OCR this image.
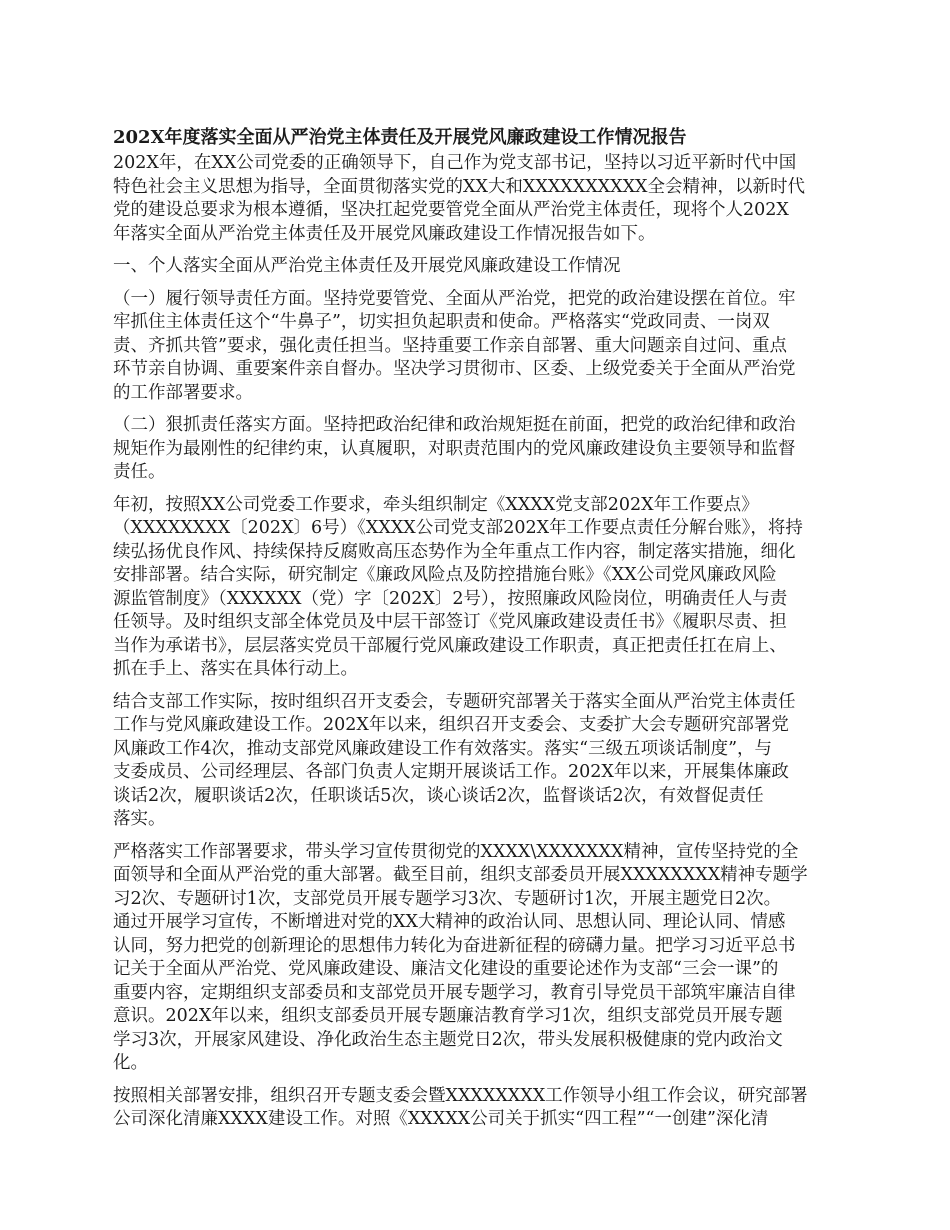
202X年度落实全面从严治党主体责任及开展党风廉政建设工作情况报告
202X年，在XX公司党委的正确领导下，自己作为党支部书记，坚持以习近平新时代中国
特色社会主义思想为指导，全面贯彻落实党的XX大和XXXXXXXXXX全会精神，以新时代
党的建设总要求为根本遵循，坚决扛起党要管党全面从严治党主体责任，现将个人202X
年落实全面从严治党主体责任及开展党风廉政建设工作情况报告如下。
一、个人落实全面从严治党主体责任及开展党风廉政建设工作情况
（一）履行领导责任方面。坚持党要管党、全面从严治党，把党的政治建设摆在首位。牢
牢抓住主体责任这个“牛鼻子”，切实担负起职责和使命。严格落实“党政同责、一岗双
责、齐抓共管”要求，强化责任担当。坚持重要工作亲自部署、重大问题亲自过问、重点
环节亲自协调、重要案件亲自督办。坚决学习贯彻市、区委、上级党委关于全面从严治党
的工作部署要求。
（二）狠抓责任落实方面。坚持把政治纪律和政治规矩挺在前面，把党的政治纪律和政治
规矩作为最刚性的纪律约束，认真履职，对职责范围内的党风廉政建设负主要领导和监督
责任。
年初，按照XX公司党委工作要求，牵头组织制定《XXXX党支部202X年工作要点》
（XXXXXXXX〔202X〕6号）《XXXX公司党支部202X年工作要点责任分解台账》，将持
续弘扬优良作风、持续保持反腐败高压态势作为全年重点工作内容，制定落实措施，细化
安排部署。结合实际，研究制定《廉政风险点及防控措施台账》《XX公司党风廉政风险
源监管制度》（XXXXXX（党）字〔202X〕2号），按照廉政风险岗位，明确责任人与责
任领导。及时组织支部全体党员及中层干部签订《党风廉政建设责任书》《履职尽责、担
当作为承诺书》，层层落实党员干部履行党风廉政建设工作职责，真正把责任扛在肩上、
抓在手上、落实在具体行动上。
结合支部工作实际，按时组织召开支委会，专题研究部署关于落实全面从严治党主体责任
工作与党风廉政建设工作。202X年以来，组织召开支委会、支委扩大会专题研究部署党
风廉政工作4次，推动支部党风廉政建设工作有效落实。落实“三级五项谈话制度”，与
支委成员、公司经理层、各部门负责人定期开展谈话工作。202X年以来，开展集体廉政
谈话2次，履职谈话2次，任职谈话5次，谈心谈话2次，监督谈话2次，有效督促责任
落实。
严格落实工作部署要求，带头学习宣传贯彻党的XXXX\XXXXXXX精神，宣传坚持党的全
面领导和全面从严治党的重大部署。截至目前，组织支部委员开展XXXXXXXX精神专题学
习2次、专题研讨1次，支部党员开展专题学习3次、专题研讨1次，开展主题党日2次。
通过开展学习宣传，不断增进对党的XX大精神的政治认同、思想认同、理论认同、情感
认同，努力把党的创新理论的思想伟力转化为奋进新征程的磅礴力量。把学习习近平总书
记关于全面从严治党、党风廉政建设、廉洁文化建设的重要论述作为支部“三会一课”的
重要内容，定期组织支部委员和支部党员开展专题学习，教育引导党员干部筑牢廉洁自律
意识。202X年以来，组织支部委员开展专题廉洁教育学习1次，组织支部党员开展专题
学习3次，开展家风建设、净化政治生态主题党日2次，带头发展积极健康的党内政治文
化。
按照相关部署安排，组织召开专题支委会暨XXXXXXXX工作领导小组工作会议，研究部署
公司深化清廉XXXX建设工作。对照《XXXXX公司关于抓实“四工程”“一创建”深化清
